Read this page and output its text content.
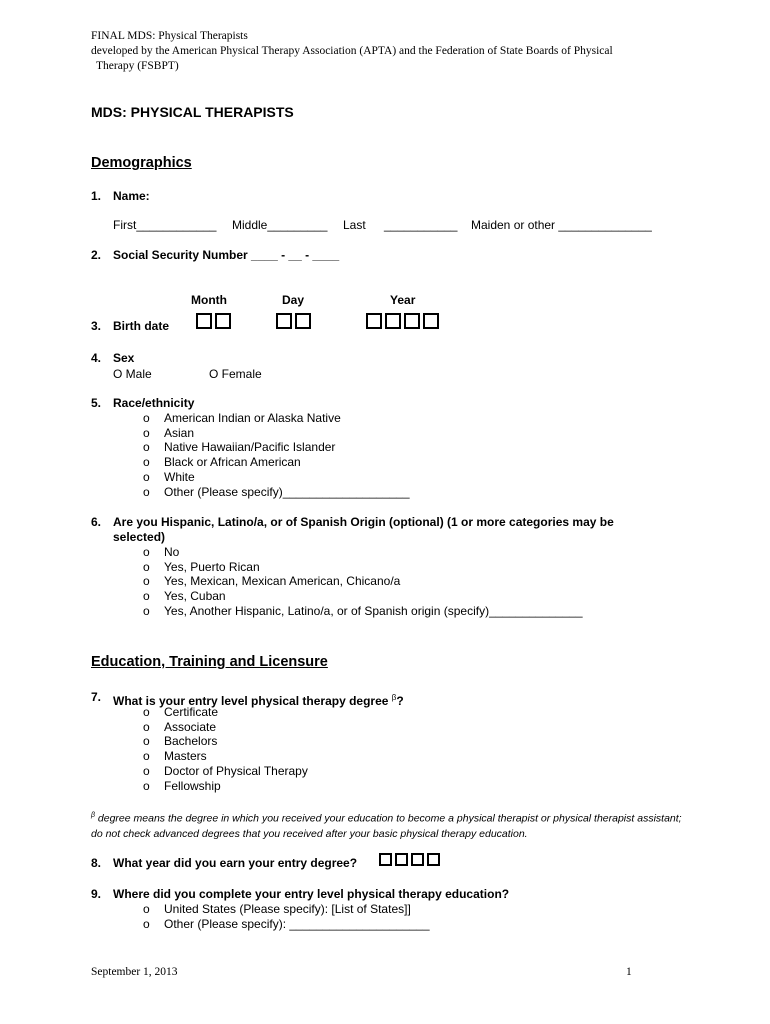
FINAL MDS: Physical Therapists
developed by the American Physical Therapy Association (APTA) and the Federation of State Boards of Physical
Therapy (FSBPT)
MDS: PHYSICAL THERAPISTS
Demographics
1. Name:
First____________ Middle_________ Last ___________ Maiden or other ______________
2. Social Security Number ____ - __ - ____
Month	Day	Year
3. Birth date
4. Sex
O Male	O Female
5. Race/ethnicity
o American Indian or Alaska Native
o Asian
o Native Hawaiian/Pacific Islander
o Black or African American
o White
o Other (Please specify)___________________
6. Are you Hispanic, Latino/a, or of Spanish Origin (optional) (1 or more categories may be
selected)
o No
o Yes, Puerto Rican
o Yes, Mexican, Mexican American, Chicano/a
o Yes, Cuban
o Yes, Another Hispanic, Latino/a, or of Spanish origin (specify)______________
Education, Training and Licensure
7. What is your entry level physical therapy degree $^\beta$?
o Certificate
o Associate
o Bachelors
o Masters
o Doctor of Physical Therapy
o Fellowship
$^\beta$ degree means the degree in which you received your education to become a physical therapist or physical therapist assistant; do not check advanced degrees that you received after your basic physical therapy education.
8. What year did you earn your entry degree?
9. Where did you complete your entry level physical therapy education?
o United States (Please specify): [List of States]]
o Other (Please specify): _____________________
September 1, 2013	1
